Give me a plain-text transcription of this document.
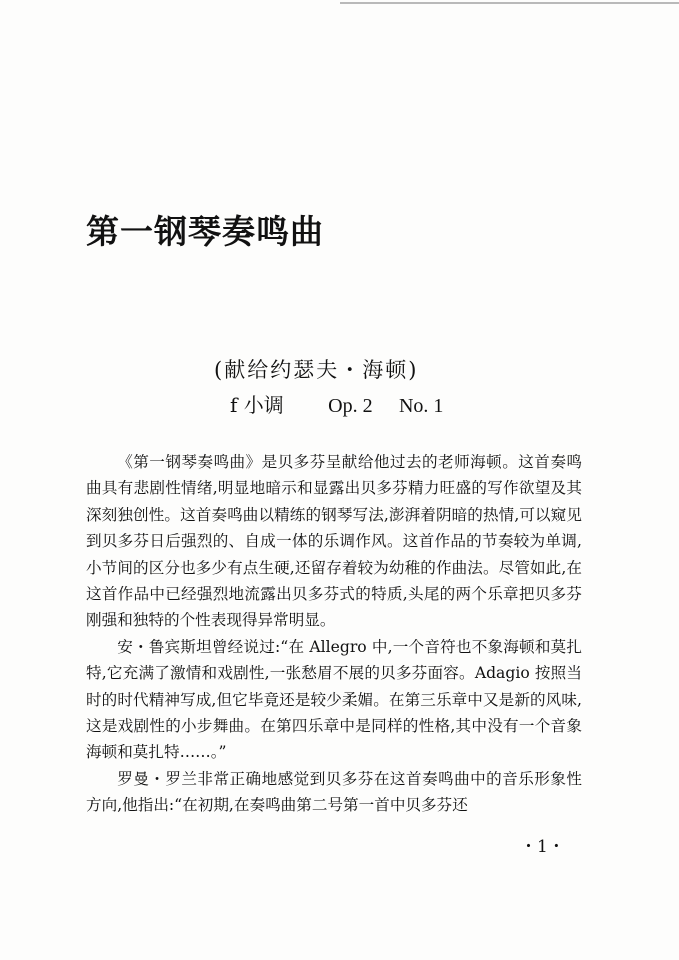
第一钢琴奏鸣曲
(献给约瑟夫・海顿)
f 小调 Op. 2 No. 1

《第一钢琴奏鸣曲》是贝多芬呈献给他过去的老师海顿。这首奏鸣曲具有悲剧性情绪,明显地暗示和显露出贝多芬精力旺盛的写作欲望及其深刻独创性。这首奏鸣曲以精练的钢琴写法,澎湃着阴暗的热情,可以窥见到贝多芬日后强烈的、自成一体的乐调作风。这首作品的节奏较为单调,小节间的区分也多少有点生硬,还留存着较为幼稚的作曲法。尽管如此,在这首作品中已经强烈地流露出贝多芬式的特质,头尾的两个乐章把贝多芬刚强和独特的个性表现得异常明显。

安・鲁宾斯坦曾经说过:“在 Allegro 中,一个音符也不象海顿和莫扎特,它充满了激情和戏剧性,一张愁眉不展的贝多芬面容。Adagio 按照当时的时代精神写成,但它毕竟还是较少柔媚。在第三乐章中又是新的风味,这是戏剧性的小步舞曲。在第四乐章中是同样的性格,其中没有一个音象海顿和莫扎特……。”

罗曼・罗兰非常正确地感觉到贝多芬在这首奏鸣曲中的音乐形象性方向,他指出:“在初期,在奏鸣曲第二号第一首中贝多芬还

・1・
